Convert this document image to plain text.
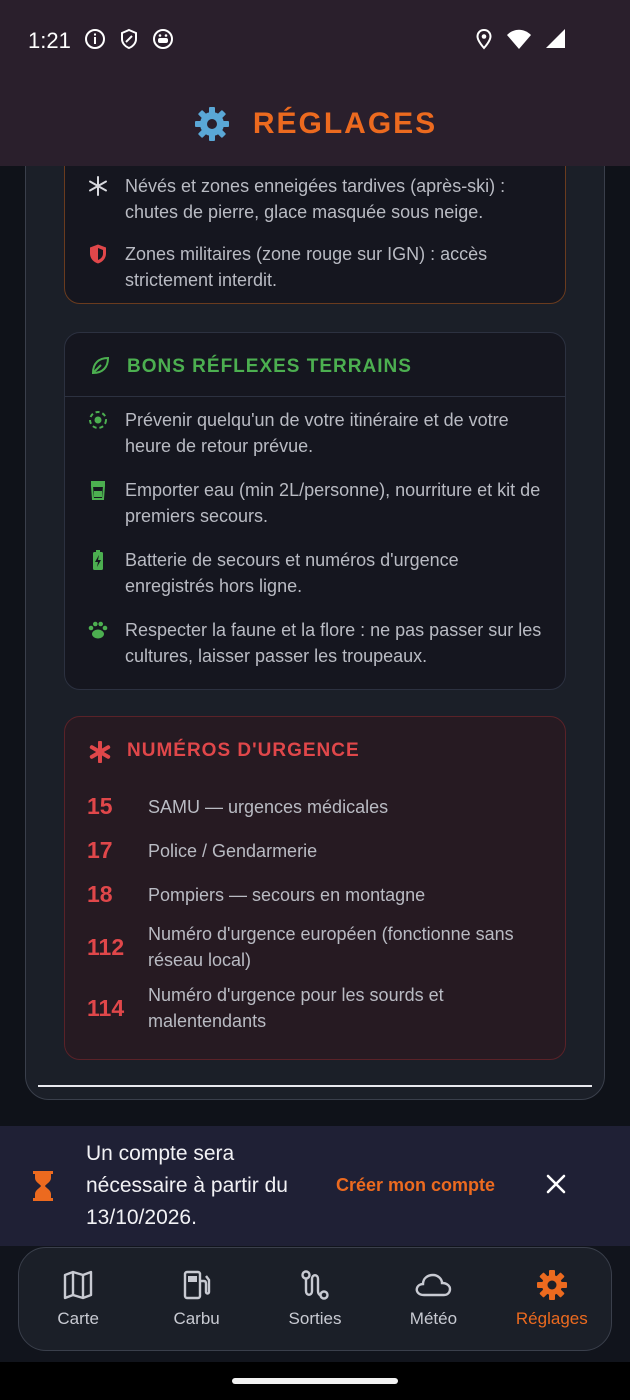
1:21
RÉGLAGES
Névés et zones enneigées tardives (après-ski) : chutes de pierre, glace masquée sous neige.
Zones militaires (zone rouge sur IGN) : accès strictement interdit.
BONS RÉFLEXES TERRAINS
Prévenir quelqu'un de votre itinéraire et de votre heure de retour prévue.
Emporter eau (min 2L/personne), nourriture et kit de premiers secours.
Batterie de secours et numéros d'urgence enregistrés hors ligne.
Respecter la faune et la flore : ne pas passer sur les cultures, laisser passer les troupeaux.
NUMÉROS D'URGENCE
15 SAMU — urgences médicales
17 Police / Gendarmerie
18 Pompiers — secours en montagne
112 Numéro d'urgence européen (fonctionne sans réseau local)
114 Numéro d'urgence pour les sourds et malentendants
Un compte sera nécessaire à partir du 13/10/2026.
Créer mon compte
Carte	Carbu	Sorties	Météo	Réglages
